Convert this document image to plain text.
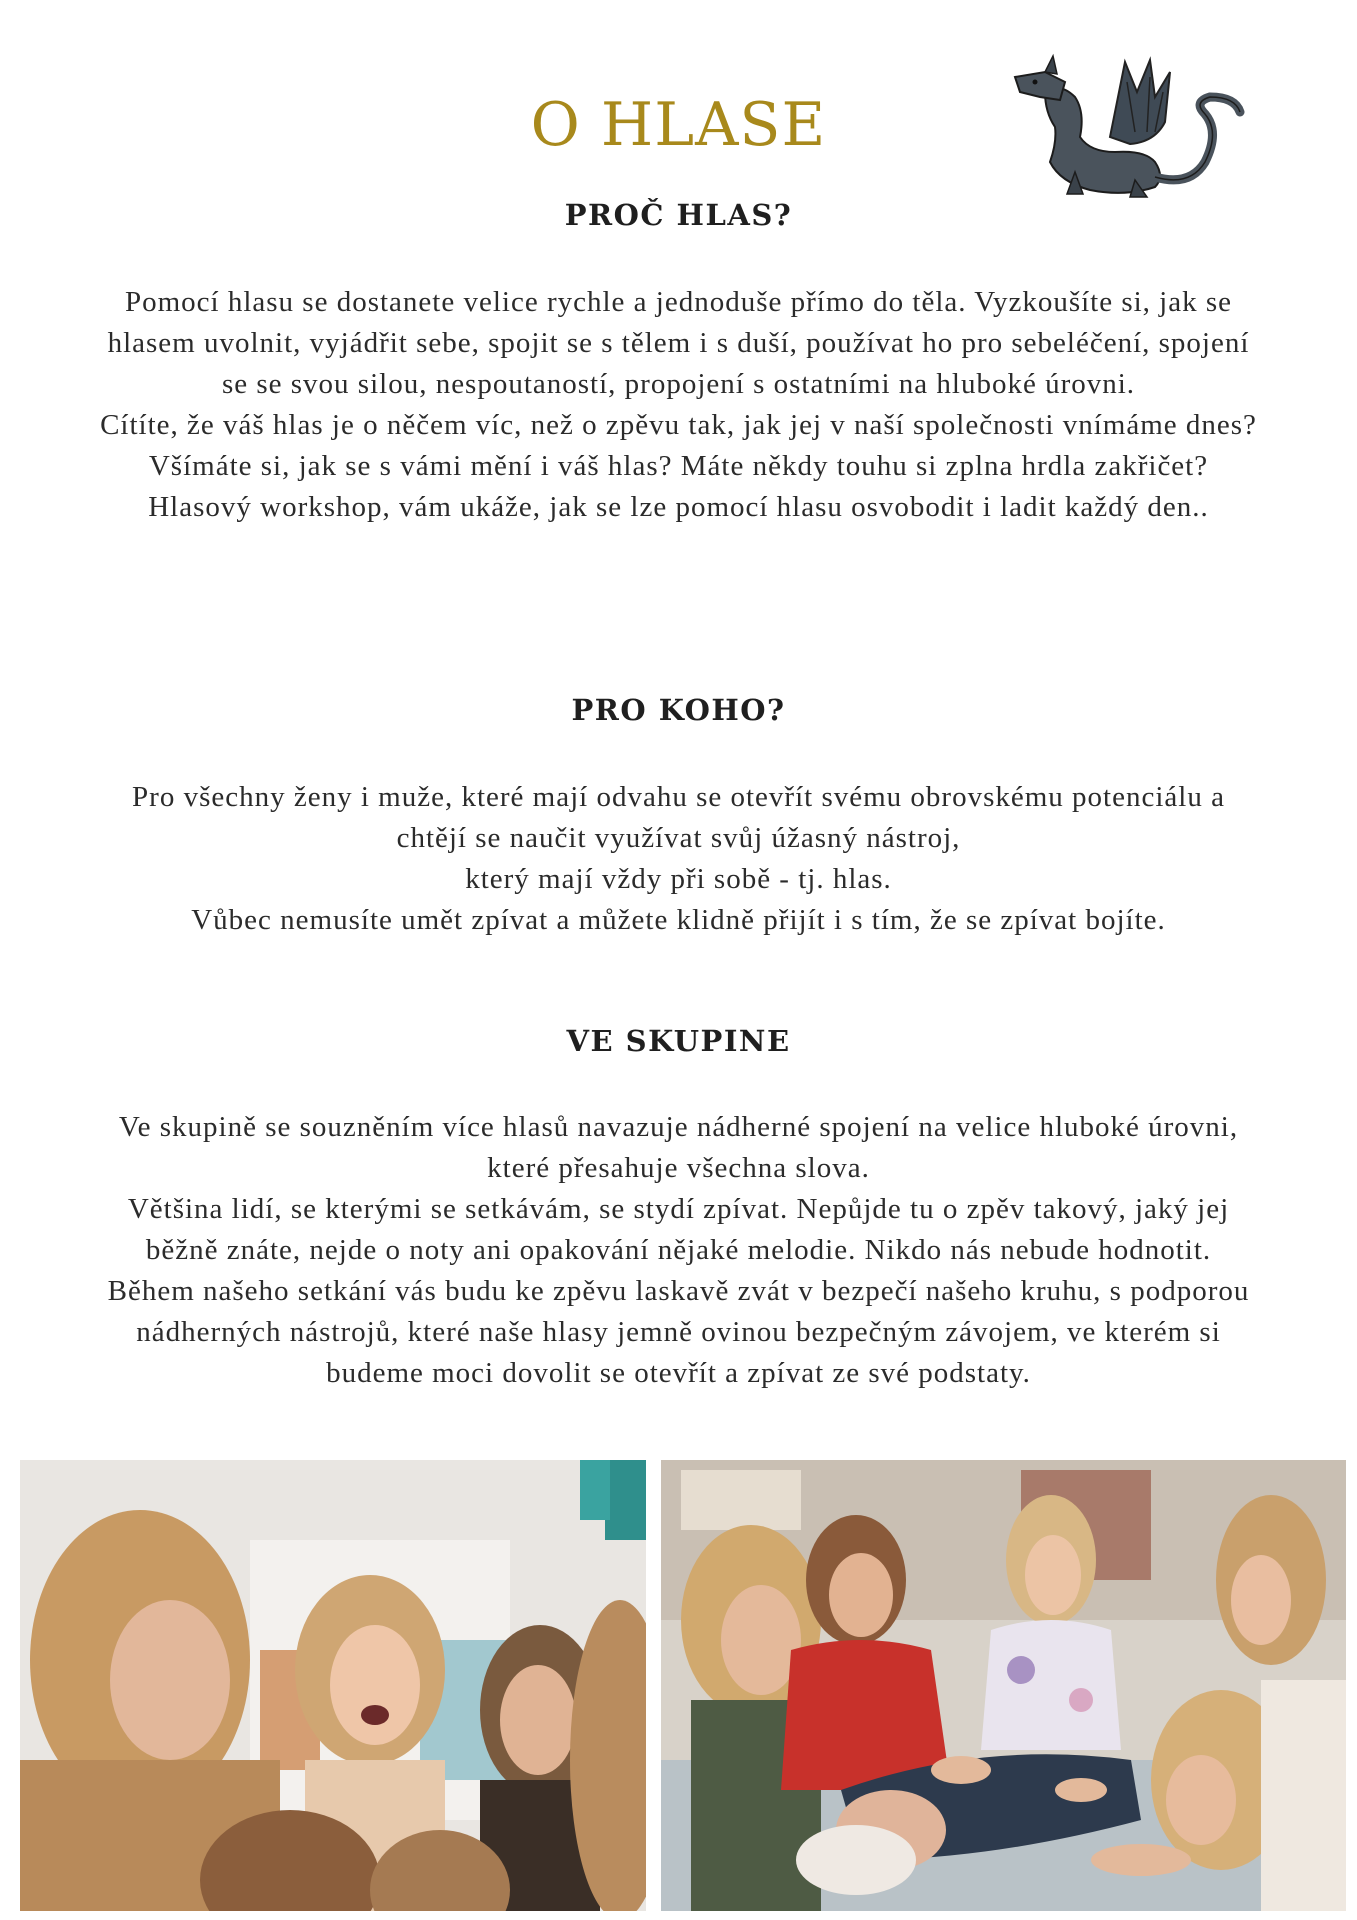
O HLASE
PROČ HLAS?

Pomocí hlasu se dostanete velice rychle a jednoduše přímo do těla. Vyzkoušíte si, jak se hlasem uvolnit, vyjádřit sebe, spojit se s tělem i s duší, používat ho pro sebeléčení, spojení se se svou silou, nespoutaností, propojení s ostatními na hluboké úrovni.

Cítíte, že váš hlas je o něčem víc, než o zpěvu tak, jak jej v naší společnosti vnímáme dnes?

Všímáte si, jak se s vámi mění i váš hlas? Máte někdy touhu si zplna hrdla zakřičet?

Hlasový workshop, vám ukáže, jak se lze pomocí hlasu osvobodit i ladit každý den..

PRO KOHO?

Pro všechny ženy i muže, které mají odvahu se otevřít svému obrovskému potenciálu a chtějí se naučit využívat svůj úžasný nástroj,

který mají vždy při sobě - tj. hlas.

Vůbec nemusíte umět zpívat a můžete klidně přijít i s tím, že se zpívat bojíte.

VE SKUPINE

Ve skupině se souzněním více hlasů navazuje nádherné spojení na velice hluboké úrovni, které přesahuje všechna slova.

Většina lidí, se kterými se setkávám, se stydí zpívat. Nepůjde tu o zpěv takový, jaký jej běžně znáte, nejde o noty ani opakování nějaké melodie. Nikdo nás nebude hodnotit.

Během našeho setkání vás budu ke zpěvu laskavě zvát v bezpečí našeho kruhu, s podporou nádherných nástrojů, které naše hlasy jemně ovinou bezpečným závojem, ve kterém si budeme moci dovolit se otevřít a zpívat ze své podstaty.
